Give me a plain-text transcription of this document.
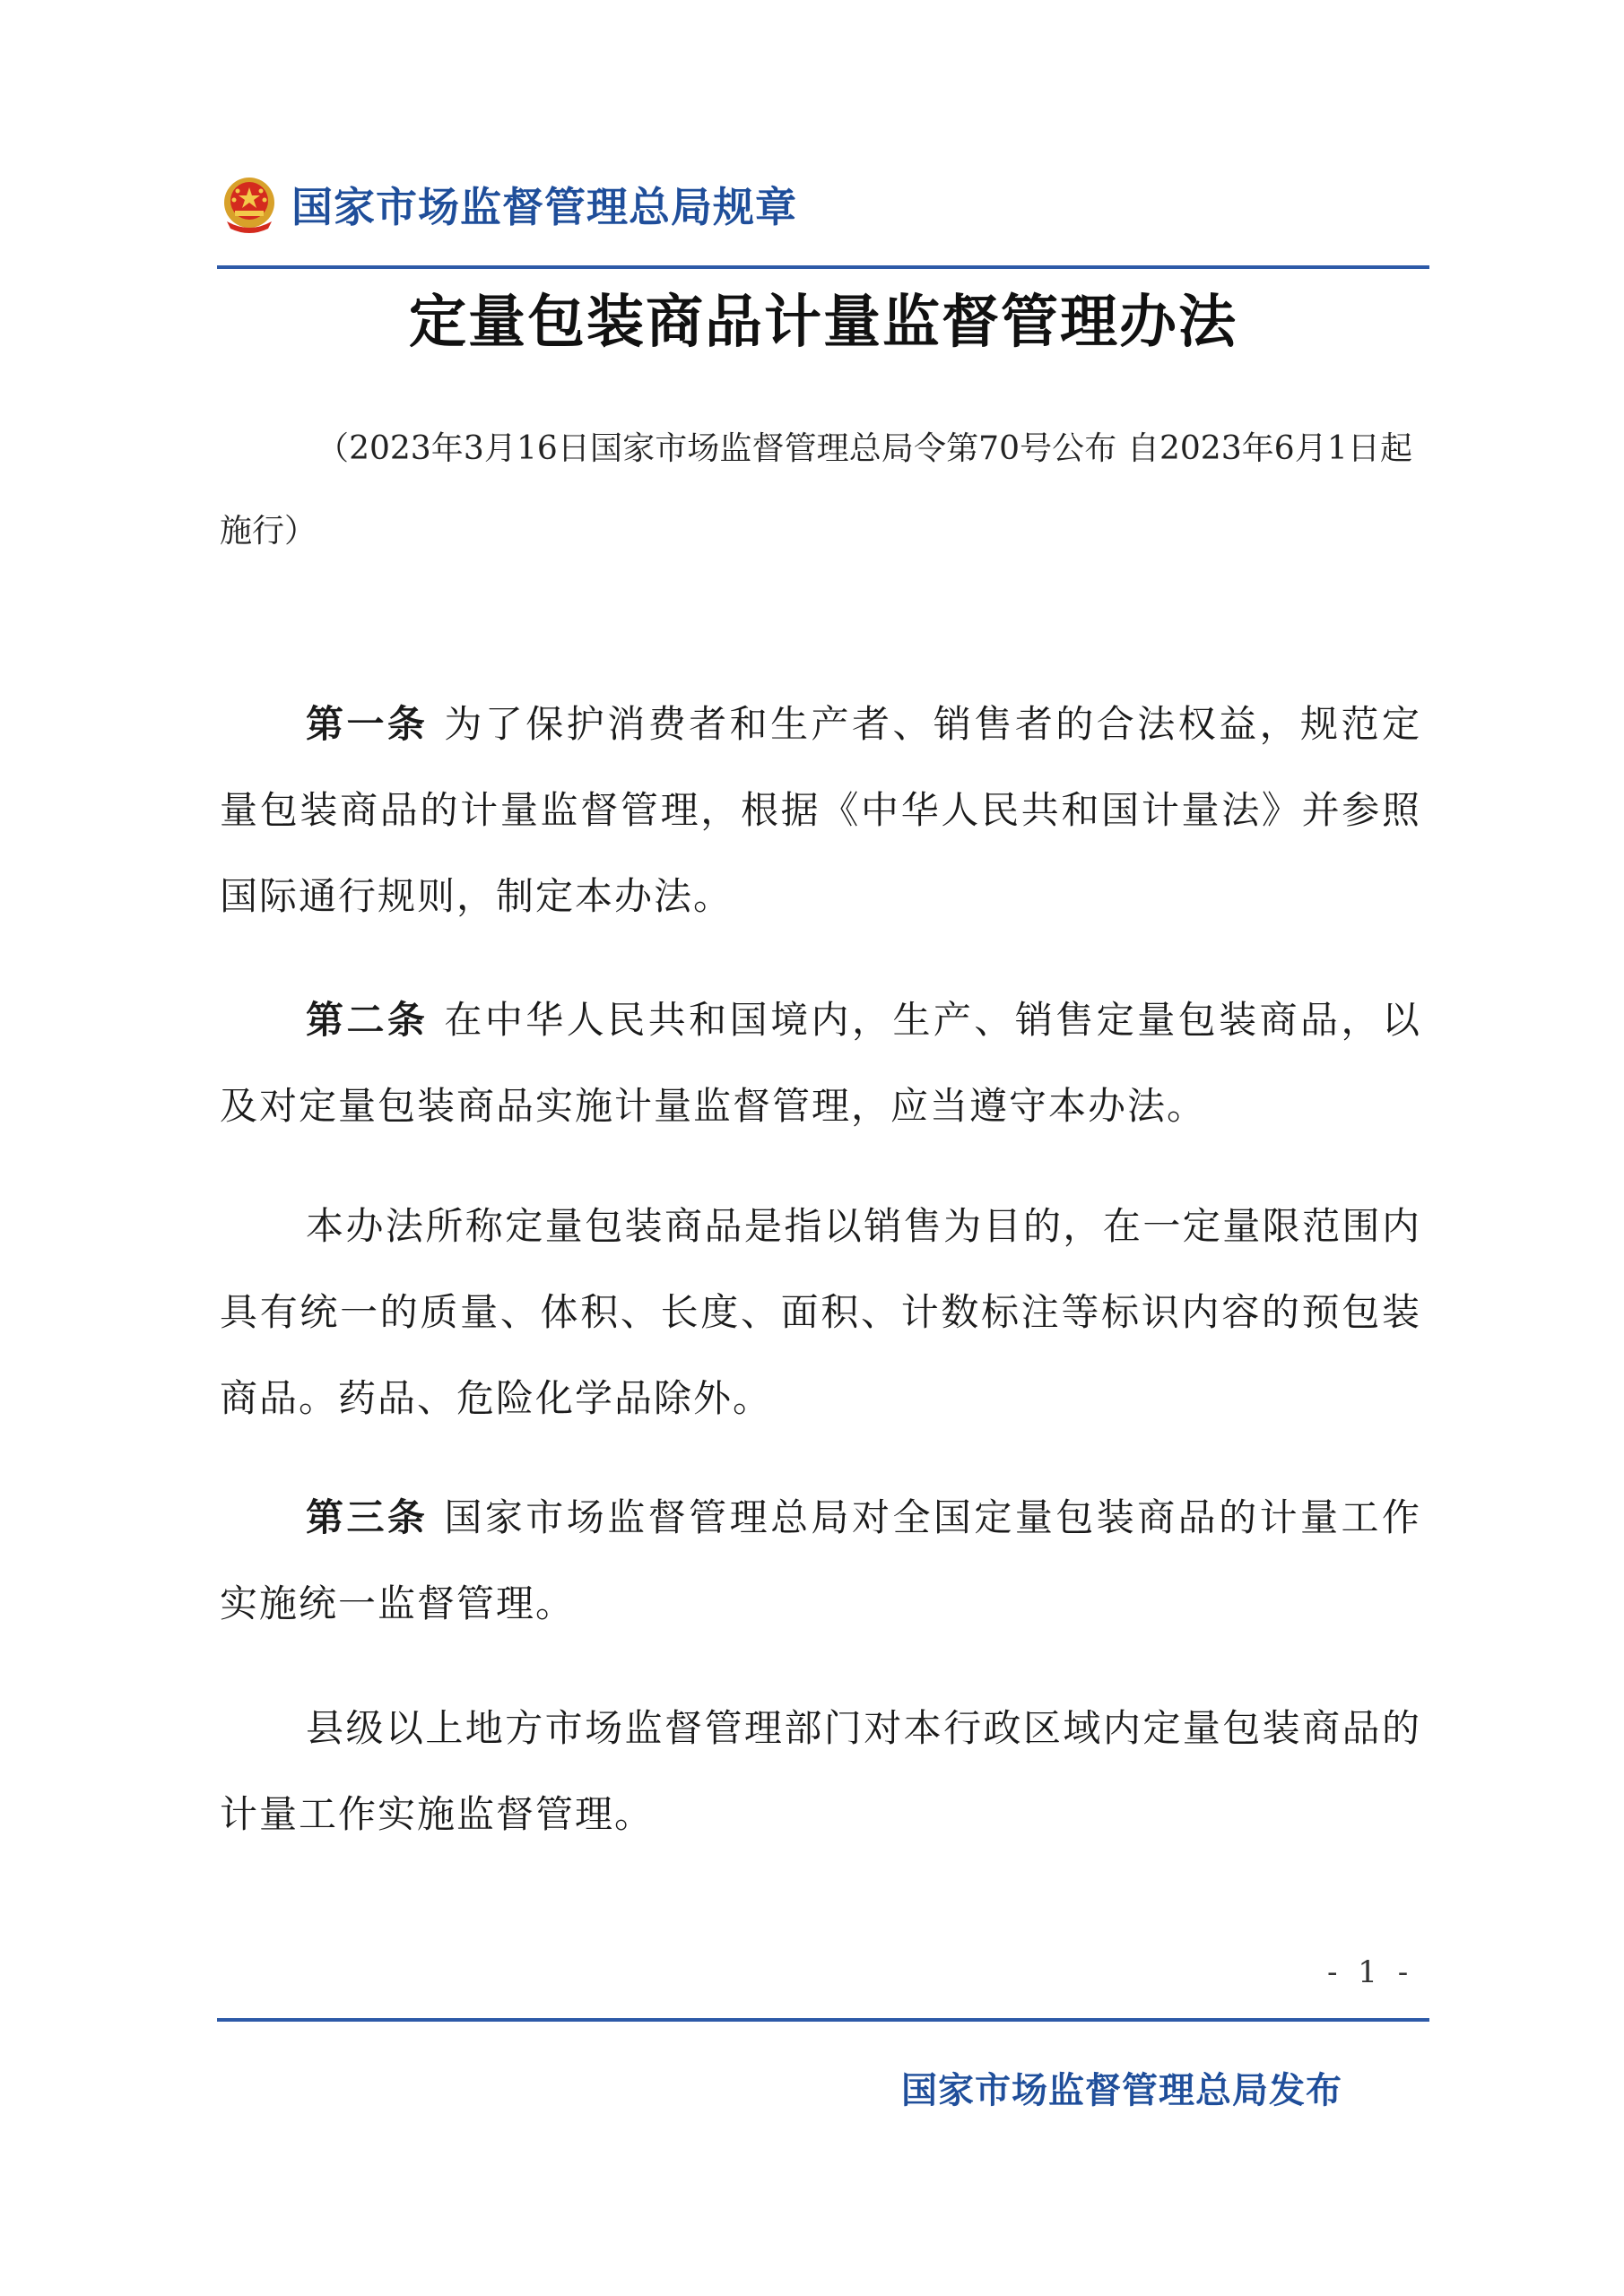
国家市场监督管理总局规章
定量包装商品计量监督管理办法
（2023年3月16日国家市场监督管理总局令第70号公布 自2023年6月1日起施行）

第一条 为了保护消费者和生产者、销售者的合法权益，规范定量包装商品的计量监督管理，根据《中华人民共和国计量法》并参照国际通行规则，制定本办法。

第二条 在中华人民共和国境内，生产、销售定量包装商品，以及对定量包装商品实施计量监督管理，应当遵守本办法。

本办法所称定量包装商品是指以销售为目的，在一定量限范围内具有统一的质量、体积、长度、面积、计数标注等标识内容的预包装商品。药品、危险化学品除外。

第三条 国家市场监督管理总局对全国定量包装商品的计量工作实施统一监督管理。

县级以上地方市场监督管理部门对本行政区域内定量包装商品的计量工作实施监督管理。

- 1 -
国家市场监督管理总局发布
